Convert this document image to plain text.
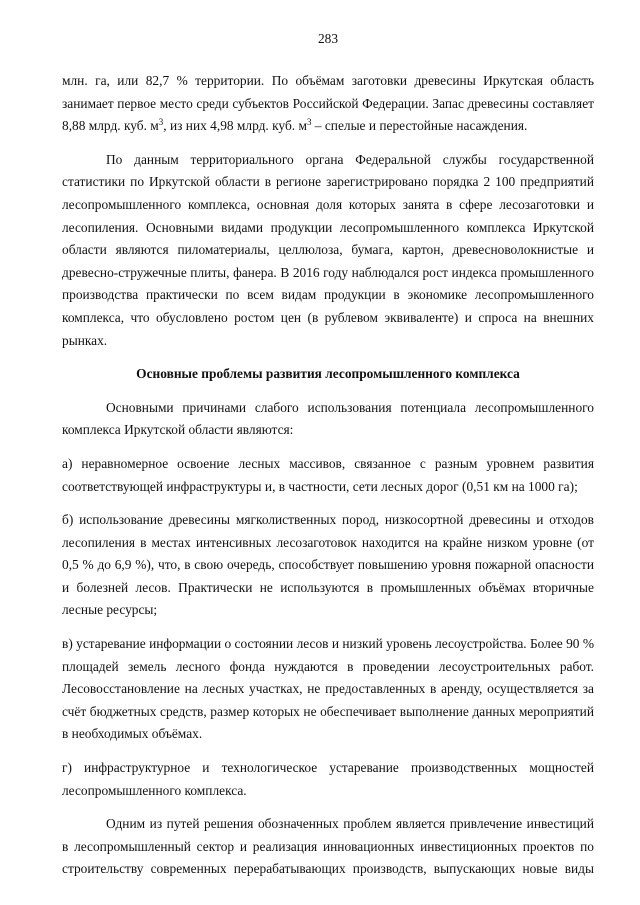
283

млн. га, или 82,7 % территории. По объёмам заготовки древесины Иркутская область занимает первое место среди субъектов Российской Федерации. Запас древесины составляет 8,88 млрд. куб. $м^3$, из них 4,98 млрд. куб. $м^3$ – спелые и перестойные насаждения.

По данным территориального органа Федеральной службы государственной статистики по Иркутской области в регионе зарегистрировано порядка 2 100 предприятий лесопромышленного комплекса, основная доля которых занята в сфере лесозаготовки и лесопиления. Основными видами продукции лесопромышленного комплекса Иркутской области являются пиломатериалы, целлюлоза, бумага, картон, древесноволокнистые и древесно-стружечные плиты, фанера. В 2016 году наблюдался рост индекса промышленного производства практически по всем видам продукции в экономике лесопромышленного комплекса, что обусловлено ростом цен (в рублевом эквиваленте) и спроса на внешних рынках.

Основные проблемы развития лесопромышленного комплекса

Основными причинами слабого использования потенциала лесопромышленного комплекса Иркутской области являются:

а) неравномерное освоение лесных массивов, связанное с разным уровнем развития соответствующей инфраструктуры и, в частности, сети лесных дорог (0,51 км на 1000 га);

б) использование древесины мягколиственных пород, низкосортной древесины и отходов лесопиления в местах интенсивных лесозаготовок находится на крайне низком уровне (от 0,5 % до 6,9 %), что, в свою очередь, способствует повышению уровня пожарной опасности и болезней лесов. Практически не используются в промышленных объёмах вторичные лесные ресурсы;

в) устаревание информации о состоянии лесов и низкий уровень лесоустройства. Более 90 % площадей земель лесного фонда нуждаются в проведении лесоустроительных работ. Лесовосстановление на лесных участках, не предоставленных в аренду, осуществляется за счёт бюджетных средств, размер которых не обеспечивает выполнение данных мероприятий в необходимых объёмах.

г) инфраструктурное и технологическое устаревание производственных мощностей лесопромышленного комплекса.

Одним из путей решения обозначенных проблем является привлечение инвестиций в лесопромышленный сектор и реализация инновационных инвестиционных проектов по строительству современных перерабатывающих производств, выпускающих новые виды
